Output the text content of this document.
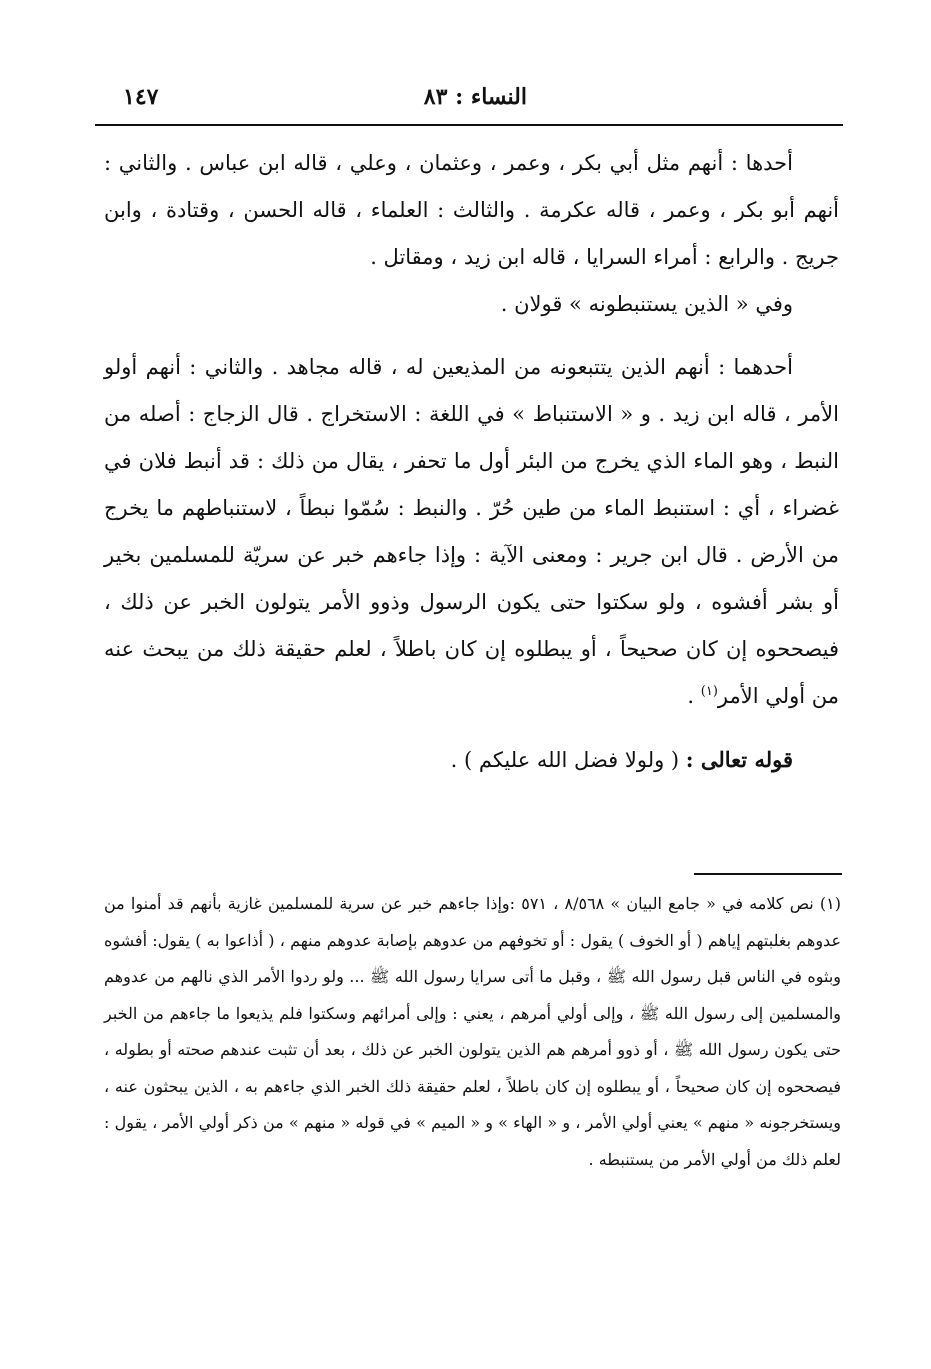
النساء : ٨٣
١٤٧

أحدها : أنهم مثل أبي بكر ، وعمر ، وعثمان ، وعلي ، قاله ابن عباس . والثاني : أنهم أبو بكر ، وعمر ، قاله عكرمة . والثالث : العلماء ، قاله الحسن ، وقتادة ، وابن جريج . والرابع : أمراء السرايا ، قاله ابن زيد ، ومقاتل .

وفي « الذين يستنبطونه » قولان .

أحدهما : أنهم الذين يتتبعونه من المذيعين له ، قاله مجاهد . والثاني : أنهم أولو الأمر ، قاله ابن زيد . و « الاستنباط » في اللغة : الاستخراج . قال الزجاج : أصله من النبط ، وهو الماء الذي يخرج من البئر أول ما تحفر ، يقال من ذلك : قد أنبط فلان في غضراء ، أي : استنبط الماء من طين حُرّ . والنبط : سُمّوا نبطاً ، لاستنباطهم ما يخرج من الأرض . قال ابن جرير : ومعنى الآية : وإذا جاءهم خبر عن سريّة للمسلمين بخير أو بشر أفشوه ، ولو سكتوا حتى يكون الرسول وذوو الأمر يتولون الخبر عن ذلك ، فيصححوه إن كان صحيحاً ، أو يبطلوه إن كان باطلاً ، لعلم حقيقة ذلك من يبحث عنه من أولي الأمر$^{(١)}$ .

قوله تعالى : ( ولولا فضل الله عليكم ) .

(١) نص كلامه في « جامع البيان » ٨/٥٦٨ ، ٥٧١ :وإذا جاءهم خبر عن سرية للمسلمين غازية بأنهم قد أمنوا من عدوهم بغلبتهم إياهم ( أو الخوف ) يقول : أو تخوفهم من عدوهم بإصابة عدوهم منهم ، ( أذاعوا به ) يقول: أفشوه وبثوه في الناس قبل رسول الله ﷺ ، وقبل ما أتى سرايا رسول الله ﷺ ... ولو ردوا الأمر الذي نالهم من عدوهم والمسلمين إلى رسول الله ﷺ ، وإلى أولي أمرهم ، يعني : وإلى أمرائهم وسكتوا فلم يذيعوا ما جاءهم من الخبر حتى يكون رسول الله ﷺ ، أو ذوو أمرهم هم الذين يتولون الخبر عن ذلك ، بعد أن تثبت عندهم صحته أو بطوله ، فيصححوه إن كان صحيحاً ، أو يبطلوه إن كان باطلاً ، لعلم حقيقة ذلك الخبر الذي جاءهم به ، الذين يبحثون عنه ، ويستخرجونه « منهم » يعني أولي الأمر ، و « الهاء » و « الميم » في قوله « منهم » من ذكر أولي الأمر ، يقول : لعلم ذلك من أولي الأمر من يستنبطه .
